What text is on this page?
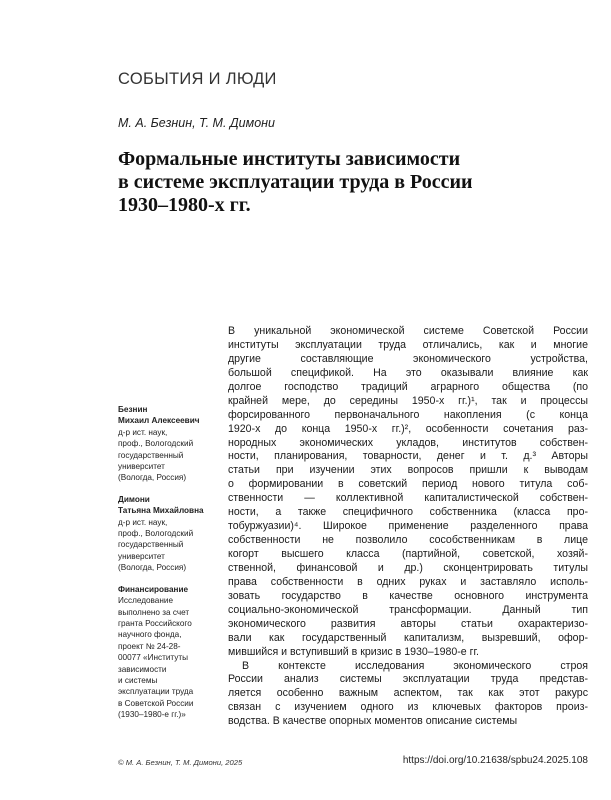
СОБЫТИЯ И ЛЮДИ
М. А. Безнин, Т. М. Димони
Формальные институты зависимости
в системе эксплуатации труда в России
1930–1980-х гг.
Безнин
Михаил Алексеевич
д-р ист. наук,
проф., Вологодский
государственный
университет
(Вологда, Россия)
Димони
Татьяна Михайловна
д-р ист. наук,
проф., Вологодский
государственный
университет
(Вологда, Россия)
Финансирование
Исследование
выполнено за счет
гранта Российского
научного фонда,
проект № 24-28-
00077 «Институты
зависимости
и системы
эксплуатации труда
в Советской России
(1930–1980-е гг.)»
В уникальной экономической системе Советской России
институты эксплуатации труда отличались, как и многие
другие составляющие экономического устройства,
большой спецификой. На это оказывали влияние как
долгое господство традиций аграрного общества (по
крайней мере, до середины 1950-х гг.)¹, так и процессы
форсированного первоначального накопления (с конца
1920-х до конца 1950-х гг.)², особенности сочетания раз-
нородных экономических укладов, институтов собствен-
ности, планирования, товарности, денег и т. д.³ Авторы
статьи при изучении этих вопросов пришли к выводам
о формировании в советский период нового титула соб-
ственности — коллективной капиталистической собствен-
ности, а также специфичного собственника (класса про-
тобуржуазии)⁴. Широкое применение разделенного права
собственности не позволило сособственникам в лице
когорт высшего класса (партийной, советской, хозяй-
ственной, финансовой и др.) сконцентрировать титулы
права собственности в одних руках и заставляло исполь-
зовать государство в качестве основного инструмента
социально-экономической трансформации. Данный тип
экономического развития авторы статьи охарактеризо-
вали как государственный капитализм, вызревший, офор-
мившийся и вступивший в кризис в 1930–1980-е гг.
В контексте исследования экономического строя
России анализ системы эксплуатации труда представ-
ляется особенно важным аспектом, так как этот ракурс
связан с изучением одного из ключевых факторов произ-
водства. В качестве опорных моментов описание системы
© М. А. Безнин, Т. М. Димони, 2025	https://doi.org/10.21638/spbu24.2025.108
